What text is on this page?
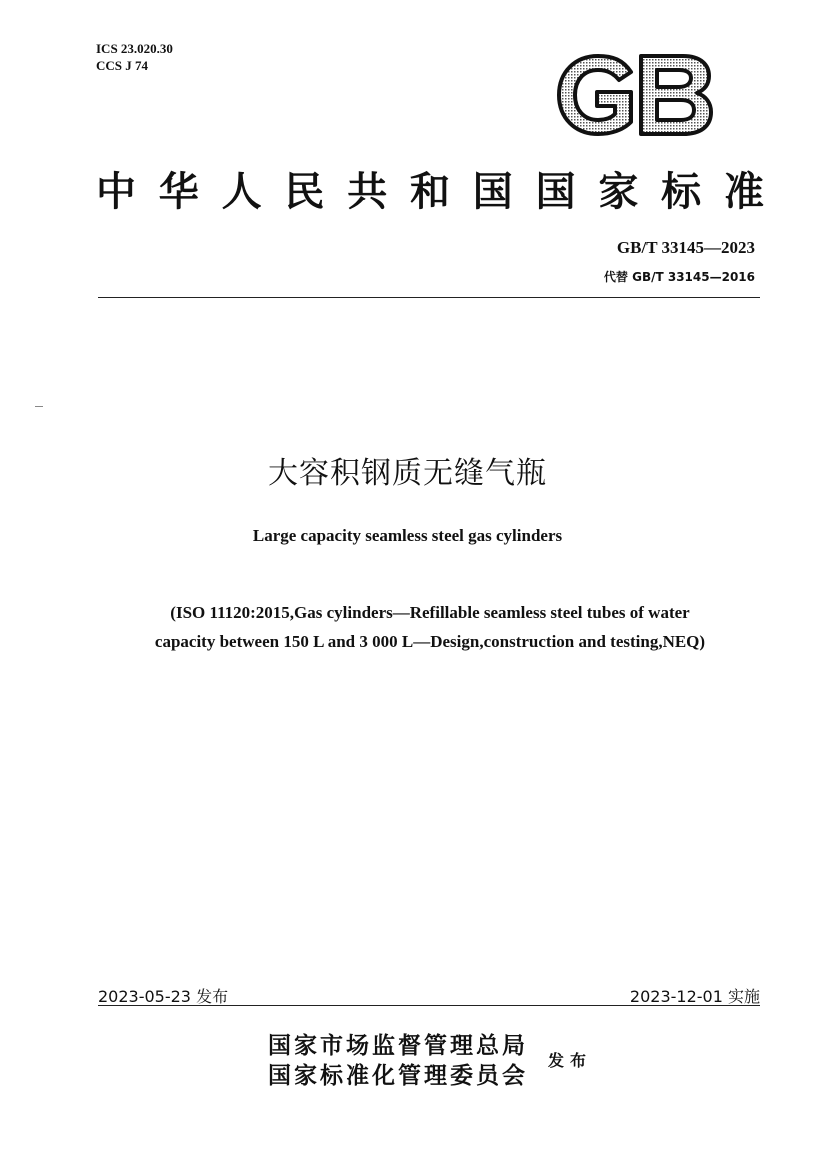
ICS 23.020.30
CCS J 74
中 华 人 民 共 和 国 国 家 标 准
GB/T 33145—2023
代替 GB/T 33145—2016
大容积钢质无缝气瓶
Large capacity seamless steel gas cylinders
(ISO 11120:2015,Gas cylinders—Refillable seamless steel tubes of water
capacity between 150 L and 3 000 L—Design,construction and testing,NEQ)
2023-05-23 发布	2023-12-01 实施
国家市场监督管理总局
国家标准化管理委员会
发布
